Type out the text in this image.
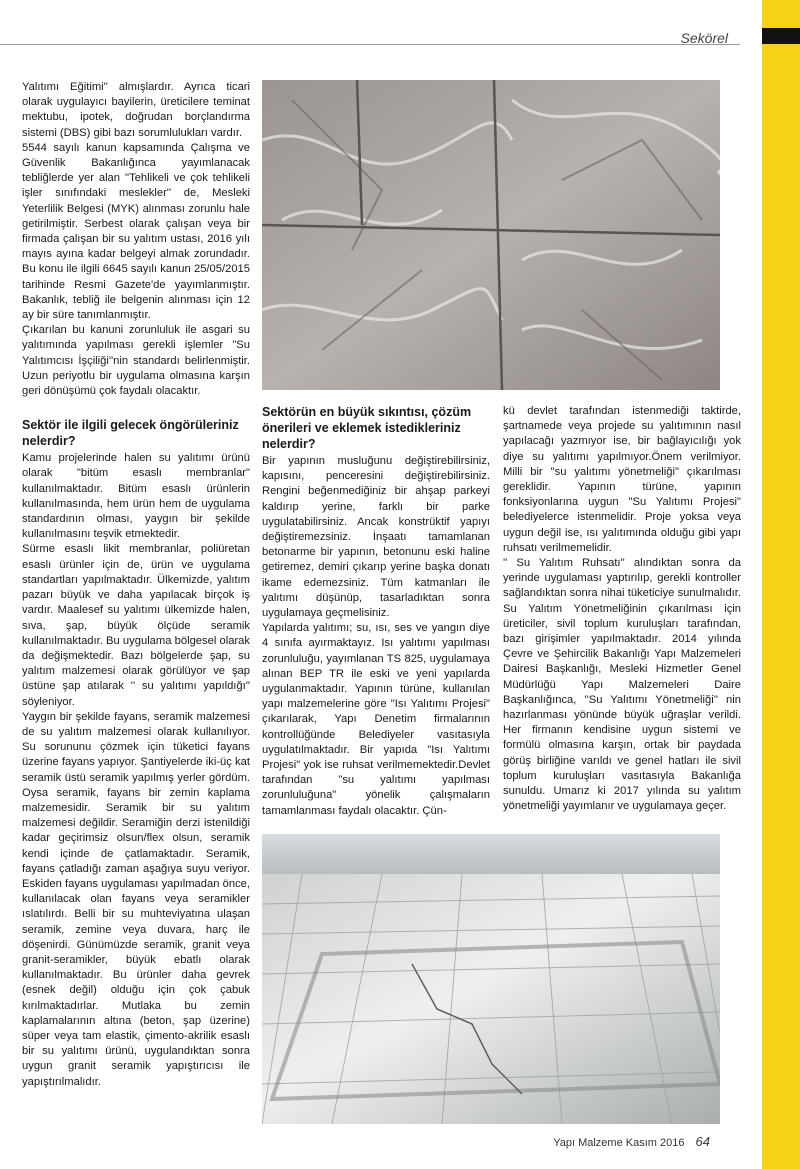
Sekörel

Yalıtımı Eğitimi'' almışlardır. Ayrıca ticari olarak uygulayıcı bayilerin, üreticilere teminat mektubu, ipotek, doğrudan borçlandırma sistemi (DBS) gibi bazı sorumlulukları vardır.

5544 sayılı kanun kapsamında Çalışma ve Güvenlik Bakanlığınca yayımlanacak tebliğlerde yer alan ''Tehlikeli ve çok tehlikeli işler sınıfındaki meslekler'' de, Mesleki Yeterlilik Belgesi (MYK) alınması zorunlu hale getirilmiştir. Serbest olarak çalışan veya bir firmada çalışan bir su yalıtım ustası, 2016 yılı mayıs ayına kadar belgeyi almak zorundadır. Bu konu ile ilgili 6645 sayılı kanun 25/05/2015 tarihinde Resmi Gazete'de yayımlanmıştır. Bakanlık, tebliğ ile belgenin alınması için 12 ay bir süre tanımlanmıştır.

Çıkarılan bu kanuni zorunluluk ile asgari su yalıtımında yapılması gerekli işlemler "Su Yalıtımcısı İşçiliği''nin standardı belirlenmiştir. Uzun periyotlu bir uygulama olmasına karşın geri dönüşümü çok faydalı olacaktır.

Sektör ile ilgili gelecek öngörüleriniz nelerdir?

Kamu projelerinde halen su yalıtımı ürünü olarak "bitüm esaslı membranlar" kullanılmaktadır. Bitüm esaslı ürünlerin kullanılmasında, hem ürün hem de uygulama standardının olması, yaygın bir şekilde kullanılmasını teşvik etmektedir.

Sürme esaslı likit membranlar, poliüretan esaslı ürünler için de, ürün ve uygulama standartları yapılmaktadır. Ülkemizde, yalıtım pazarı büyük ve daha yapılacak birçok iş vardır. Maalesef su yalıtımı ülkemizde halen, sıva, şap, büyük ölçüde seramik kullanılmaktadır. Bu uygulama bölgesel olarak da değişmektedir. Bazı bölgelerde şap, su yalıtım malzemesi olarak görülüyor ve şap üstüne şap atılarak '' su yalıtımı yapıldığı'' söyleniyor.

Yaygın bir şekilde fayans, seramik malzemesi de su yalıtım malzemesi olarak kullanılıyor. Su sorununu çözmek için tüketici fayans üzerine fayans yapıyor. Şantiyelerde iki-üç kat seramik üstü seramik yapılmış yerler gördüm. Oysa seramik, fayans bir zemin kaplama malzemesidir. Seramik bir su yalıtım malzemesi değildir. Seramiğin derzi istenildiği kadar geçirimsiz olsun/flex olsun, seramik kendi içinde de çatlamaktadır. Seramik, fayans çatladığı zaman aşağıya suyu veriyor. Eskiden fayans uygulaması yapılmadan önce, kullanılacak olan fayans veya seramikler ıslatılırdı. Belli bir su muhteviyatına ulaşan seramik, zemine veya duvara, harç ile döşenirdi. Günümüzde seramik, granit veya granit-seramikler, büyük ebatlı olarak kullanılmaktadır. Bu ürünler daha gevrek (esnek değil) olduğu için çok çabuk kırılmaktadırlar. Mutlaka bu zemin kaplamalarının altına (beton, şap üzerine) süper veya tam elastik, çimento-akrilik esaslı bir su yalıtımı ürünü, uygulandıktan sonra uygun granit seramik yapıştırıcısı ile yapıştırılmalıdır.

Sektörün en büyük sıkıntısı, çözüm önerileri ve eklemek istedikleriniz nelerdir?

Bir yapının musluğunu değiştirebilirsiniz, kapısını, penceresini değiştirebilirsiniz. Rengini beğenmediğiniz bir ahşap parkeyi kaldırıp yerine, farklı bir parke uygulatabilirsiniz. Ancak konstrüktif yapıyı değiştiremezsiniz. İnşaatı tamamlanan betonarme bir yapının, betonunu eski haline getiremez, demiri çıkarıp yerine başka donatı ikame edemezsiniz. Tüm katmanları ile yalıtımı düşünüp, tasarladıktan sonra uygulamaya geçmelisiniz.

Yapılarda yalıtımı; su, ısı, ses ve yangın diye 4 sınıfa ayırmaktayız. Isı yalıtımı yapılması zorunluluğu, yayımlanan TS 825, uygulamaya alınan BEP TR ile eski ve yeni yapılarda uygulanmaktadır. Yapının türüne, kullanılan yapı malzemelerine göre "Isı Yalıtımı Projesi" çıkarılarak, Yapı Denetim firmalarının kontrollüğünde Belediyeler vasıtasıyla uygulatılmaktadır. Bir yapıda "Isı Yalıtımı Projesi" yok ise ruhsat verilmemektedir.Devlet tarafından "su yalıtımı yapılması zorunluluğuna" yönelik çalışmaların tamamlanması faydalı olacaktır. Çün-

kü devlet tarafından istenmediği taktirde, şartnamede veya projede su yalıtımının nasıl yapılacağı yazmıyor ise, bir bağlayıcılığı yok diye su yalıtımı yapılmıyor.Önem verilmiyor. Milli bir "su yalıtımı yönetmeliği" çıkarılması gereklidir. Yapının türüne, yapının fonksiyonlarına uygun "Su Yalıtımı Projesi" belediyelerce istenmelidir. Proje yoksa veya uygun değil ise, ısı yalıtımında olduğu gibi yapı ruhsatı verilmemelidir.

'' Su Yalıtım Ruhsatı'' alındıktan sonra da yerinde uygulaması yaptırılıp, gerekli kontroller sağlandıktan sonra nihai tüketiciye sunulmalıdır. Su Yalıtım Yönetmeliğinin çıkarılması için üreticiler, sivil toplum kuruluşları tarafından, bazı girişimler yapılmaktadır. 2014 yılında Çevre ve Şehircilik Bakanlığı Yapı Malzemeleri Dairesi Başkanlığı, Mesleki Hizmetler Genel Müdürlüğü Yapı Malzemeleri Daire Başkanlığınca, ''Su Yalıtımı Yönetmeliği'' nin hazırlanması yönünde büyük uğraşlar verildi. Her firmanın kendisine uygun sistemi ve formülü olmasına karşın, ortak bir paydada görüş birliğine varıldı ve genel hatları ile sivil toplum kuruluşları vasıtasıyla Bakanlığa sunuldu. Umarız ki 2017 yılında su yalıtım yönetmeliği yayımlanır ve uygulamaya geçer.

Yapı Malzeme Kasım 2016 64
